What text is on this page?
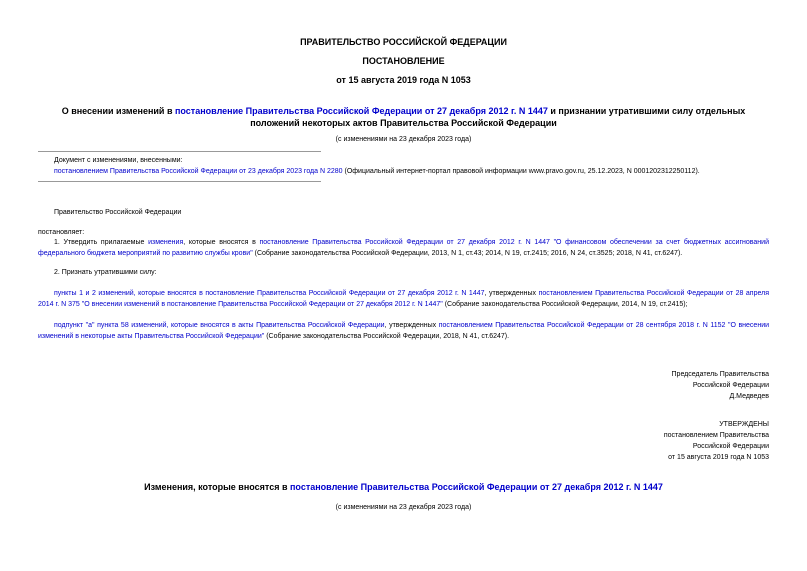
ПРАВИТЕЛЬСТВО РОССИЙСКОЙ ФЕДЕРАЦИИ
ПОСТАНОВЛЕНИЕ
от 15 августа 2019 года N 1053
О внесении изменений в постановление Правительства Российской Федерации от 27 декабря 2012 г. N 1447 и признании утратившими силу отдельных положений некоторых актов Правительства Российской Федерации
(с изменениями на 23 декабря 2023 года)
Документ с изменениями, внесенными:
постановлением Правительства Российской Федерации от 23 декабря 2023 года N 2280 (Официальный интернет-портал правовой информации www.pravo.gov.ru, 25.12.2023, N 0001202312250112).
Правительство Российской Федерации
постановляет:
1. Утвердить прилагаемые изменения, которые вносятся в постановление Правительства Российской Федерации от 27 декабря 2012 г. N 1447 "О финансовом обеспечении за счет бюджетных ассигнований федерального бюджета мероприятий по развитию службы крови" (Собрание законодательства Российской Федерации, 2013, N 1, ст.43; 2014, N 19, ст.2415; 2016, N 24, ст.3525; 2018, N 41, ст.6247).
2. Признать утратившими силу:
пункты 1 и 2 изменений, которые вносятся в постановление Правительства Российской Федерации от 27 декабря 2012 г. N 1447, утвержденных постановлением Правительства Российской Федерации от 28 апреля 2014 г. N 375 "О внесении изменений в постановление Правительства Российской Федерации от 27 декабря 2012 г. N 1447" (Собрание законодательства Российской Федерации, 2014, N 19, ст.2415);
подпункт "а" пункта 58 изменений, которые вносятся в акты Правительства Российской Федерации, утвержденных постановлением Правительства Российской Федерации от 28 сентября 2018 г. N 1152 "О внесении изменений в некоторые акты Правительства Российской Федерации" (Собрание законодательства Российской Федерации, 2018, N 41, ст.6247).
Председатель Правительства
Российской Федерации
Д.Медведев
УТВЕРЖДЕНЫ
постановлением Правительства
Российской Федерации
от 15 августа 2019 года N 1053
Изменения, которые вносятся в постановление Правительства Российской Федерации от 27 декабря 2012 г. N 1447
(с изменениями на 23 декабря 2023 года)
